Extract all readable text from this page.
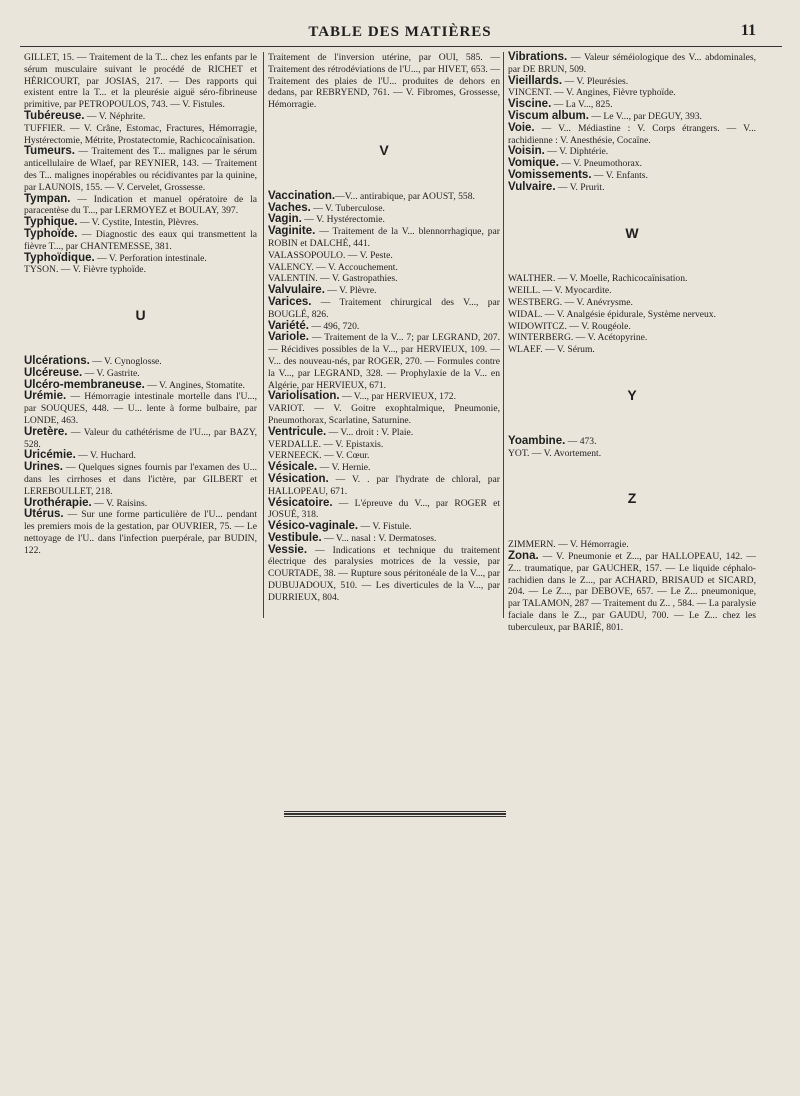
TABLE DES MATIÈRES	11
GILLET, 15. — Traitement de la T... chez les enfants par le sérum musculaire suivant le procédé de RICHET et HÉRICOURT, par JOSIAS, 217. — Des rapports qui existent entre la T... et la pleurésie aiguë séro-fibrineuse primitive, par PETROPOULOS, 743. — V. Fistules.
Tubéreuse. — V. Néphrite.
TUFFIER. — V. Crâne, Estomac, Fractures, Hémorragie, Hystérectomie, Métrite, Prostatectomie, Rachicocaïnisation.
Tumeurs. — Traitement des T... malignes par le sérum anticellulaire de Wlaef, par REYNIER, 143. — Traitement des T... malignes inopérables ou récidivantes par la quinine, par LAUNOIS, 155. — V. Cervelet, Grossesse.
Tympan. — Indication et manuel opératoire de la paracentèse du T..., par LERMOYEZ et BOULAY, 397.
Typhique. — V. Cystite, Intestin, Plèvres.
Typhoïde. — Diagnostic des eaux qui transmettent la fièvre T..., par CHANTEMESSE, 381.
Typhoïdique. — V. Perforation intestinale.
TYSON. — V. Fièvre typhoïde.
U
Ulcérations. — V. Cynoglosse.
Ulcéreuse. — V. Gastrite.
Ulcéro-membraneuse. — V. Angines, Stomatite.
Urémie. — Hémorragie intestinale mortelle dans l'U..., par SOUQUES, 448. — U... lente à forme bulbaire, par LONDE, 463.
Uretère. — Valeur du cathétérisme de l'U..., par BAZY, 528.
Uricémie. — V. Huchard.
Urines. — Quelques signes fournis par l'examen des U... dans les cirrhoses et dans l'ictère, par GILBERT et LEREBOULLET, 218.
Urothérapie. — V. Raisins.
Utérus. — Sur une forme particulière de l'U... pendant les premiers mois de la gestation, par OUVRIER, 75. — Le nettoyage de l'U.. dans l'infection puerpérale, par BUDIN, 122.
Traitement de l'inversion utérine, par OUI, 585. — Traitement des rétrodéviations de l'U..., par HIVET, 653. — Traitement des plaies de l'U... produites de dehors en dedans, par REBRYEND, 761. — V. Fibromes, Grossesse, Hémorragie.
V
Vaccination.—V... antirabique, par AOUST, 558.
Vaches. — V. Tuberculose.
Vagin. — V. Hystérectomie.
Vaginite. — Traitement de la V... blennorrhagique, par ROBIN et DALCHÉ, 441.
VALASSOPOULO. — V. Peste.
VALENCY. — V. Accouchement.
VALENTIN. — V. Gastropathies.
Valvulaire. — V. Plèvre.
Varices. — Traitement chirurgical des V..., par BOUGLÉ, 826.
Variété. — 496, 720.
Variole. — Traitement de la V... 7; par LEGRAND, 207. — Récidives possibles de la V..., par HERVIEUX, 109. — V... des nouveau-nés, par ROGER, 270. — Formules contre la V..., par LEGRAND, 328. — Prophylaxie de la V... en Algérie, par HERVIEUX, 671.
Variolisation. — V..., par HERVIEUX, 172.
VARIOT. — V. Goitre exophtalmique, Pneumonie, Pneumothorax, Scarlatine, Saturnine.
Ventricule. — V... droit : V. Plaie.
VERDALLE. — V. Epistaxis.
VERNEECK. — V. Cœur.
Vésicale. — V. Hernie.
Vésication. — V. . par l'hydrate de chloral, par HALLOPEAU, 671.
Vésicatoire. — L'épreuve du V..., par ROGER et JOSUÉ, 318.
Vésico-vaginale. — V. Fistule.
Vestibule. — V... nasal : V. Dermatoses.
Vessie. — Indications et technique du traitement électrique des paralysies motrices de la vessie, par COURTADE, 38. — Rupture sous péritonéale de la V..., par DUBUJADOUX, 510. — Les diverticules de la V..., par DURRIEUX, 804.
Vibrations. — Valeur séméiologique des V... abdominales, par DE BRUN, 509.
Vieillards. — V. Pleurésies.
VINCENT. — V. Angines, Fièvre typhoïde.
Viscine. — La V..., 825.
Viscum album. — Le V..., par DEGUY, 393.
Voie. — V... Médiastine : V. Corps étrangers. — V... rachidienne : V. Anesthésie, Cocaïne.
Voisin. — V. Diphtérie.
Vomique. — V. Pneumothorax.
Vomissements. — V. Enfants.
Vulvaire. — V. Prurit.
W
WALTHER. — V. Moelle, Rachicocaïnisation.
WEILL. — V. Myocardite.
WESTBERG. — V. Anévrysme.
WIDAL. — V. Analgésie épidurale, Système nerveux.
WIDOWITCZ. — V. Rougéole.
WINTERBERG. — V. Acétopyrine.
WLAEF. — V. Sérum.
Y
Yoambine. — 473.
YOT. — V. Avortement.
Z
ZIMMERN. — V. Hémorragie.
Zona. — V. Pneumonie et Z..., par HALLOPEAU, 142. — Z... traumatique, par GAUCHER, 157. — Le liquide céphalo-rachidien dans le Z..., par ACHARD, BRISAUD et SICARD, 204. — Le Z..., par DEBOVE, 657. — Le Z... pneumonique, par TALAMON, 287 — Traitement du Z.. , 584. — La paralysie faciale dans le Z.., par GAUDU, 700. — Le Z... chez les tuberculeux, par BARIÉ, 801.
